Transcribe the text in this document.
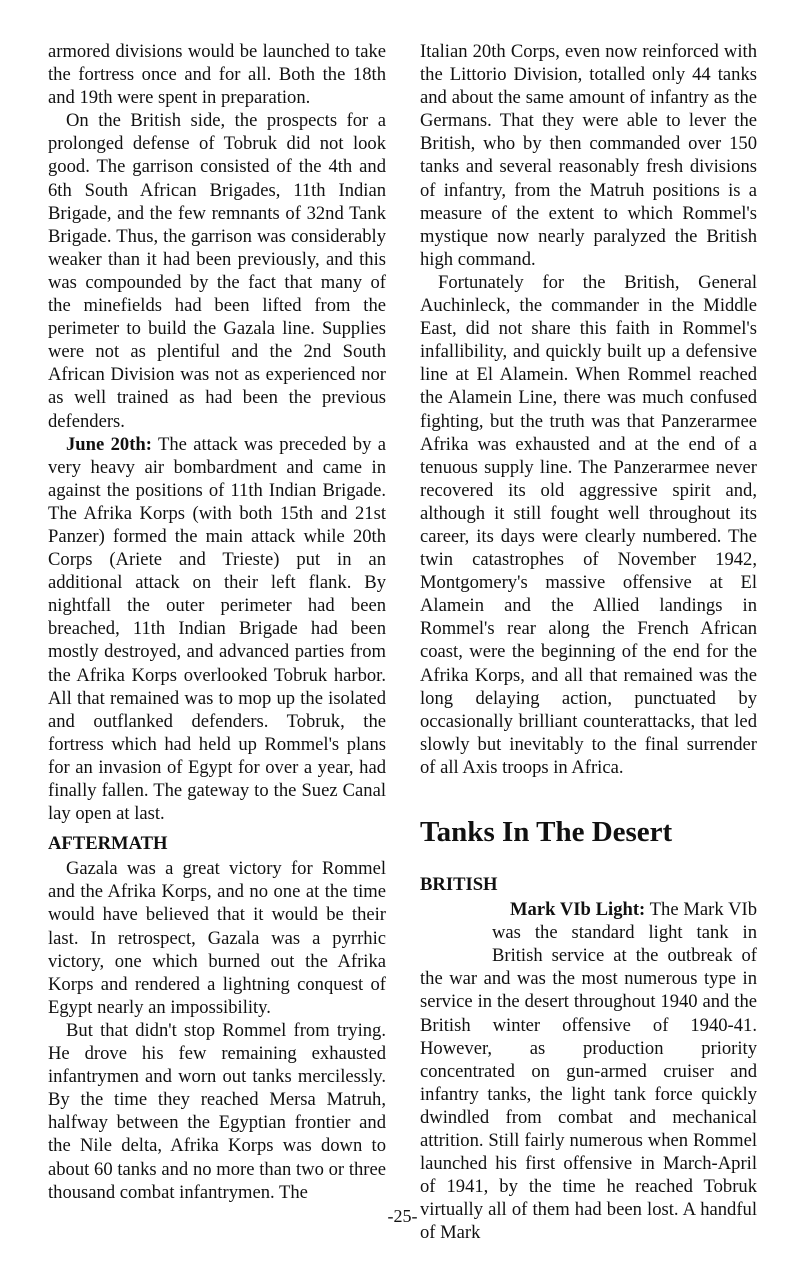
armored divisions would be launched to take the fortress once and for all. Both the 18th and 19th were spent in preparation.

On the British side, the prospects for a prolonged defense of Tobruk did not look good. The garrison consisted of the 4th and 6th South African Brigades, 11th Indian Brigade, and the few remnants of 32nd Tank Brigade. Thus, the garrison was considerably weaker than it had been previously, and this was compounded by the fact that many of the minefields had been lifted from the perimeter to build the Gazala line. Supplies were not as plentiful and the 2nd South African Division was not as experienced nor as well trained as had been the previous defenders.

June 20th: The attack was preceded by a very heavy air bombardment and came in against the positions of 11th Indian Brigade. The Afrika Korps (with both 15th and 21st Panzer) formed the main attack while 20th Corps (Ariete and Trieste) put in an additional attack on their left flank. By nightfall the outer perimeter had been breached, 11th Indian Brigade had been mostly destroyed, and advanced parties from the Afrika Korps overlooked Tobruk harbor. All that remained was to mop up the isolated and outflanked defenders. Tobruk, the fortress which had held up Rommel's plans for an invasion of Egypt for over a year, had finally fallen. The gateway to the Suez Canal lay open at last.

AFTERMATH

Gazala was a great victory for Rommel and the Afrika Korps, and no one at the time would have believed that it would be their last. In retrospect, Gazala was a pyrrhic victory, one which burned out the Afrika Korps and rendered a lightning conquest of Egypt nearly an impossibility.

But that didn't stop Rommel from trying. He drove his few remaining exhausted infantrymen and worn out tanks mercilessly. By the time they reached Mersa Matruh, halfway between the Egyptian frontier and the Nile delta, Afrika Korps was down to about 60 tanks and no more than two or three thousand combat infantrymen. The

Italian 20th Corps, even now reinforced with the Littorio Division, totalled only 44 tanks and about the same amount of infantry as the Germans. That they were able to lever the British, who by then commanded over 150 tanks and several reasonably fresh divisions of infantry, from the Matruh positions is a measure of the extent to which Rommel's mystique now nearly paralyzed the British high command.

Fortunately for the British, General Auchinleck, the commander in the Middle East, did not share this faith in Rommel's infallibility, and quickly built up a defensive line at El Alamein. When Rommel reached the Alamein Line, there was much confused fighting, but the truth was that Panzerarmee Afrika was exhausted and at the end of a tenuous supply line. The Panzerarmee never recovered its old aggressive spirit and, although it still fought well throughout its career, its days were clearly numbered. The twin catastrophes of November 1942, Montgomery's massive offensive at El Alamein and the Allied landings in Rommel's rear along the French African coast, were the beginning of the end for the Afrika Korps, and all that remained was the long delaying action, punctuated by occasionally brilliant counterattacks, that led slowly but inevitably to the final surrender of all Axis troops in Africa.

Tanks In The Desert
BRITISH

Mark VIb Light: The Mark VIb was the standard light tank in British service at the outbreak of the war and was the most numerous type in service in the desert throughout 1940 and the British winter offensive of 1940-41. However, as production priority concentrated on gun-armed cruiser and infantry tanks, the light tank force quickly dwindled from combat and mechanical attrition. Still fairly numerous when Rommel launched his first offensive in March-April of 1941, by the time he reached Tobruk virtually all of them had been lost. A handful of Mark

-25-
